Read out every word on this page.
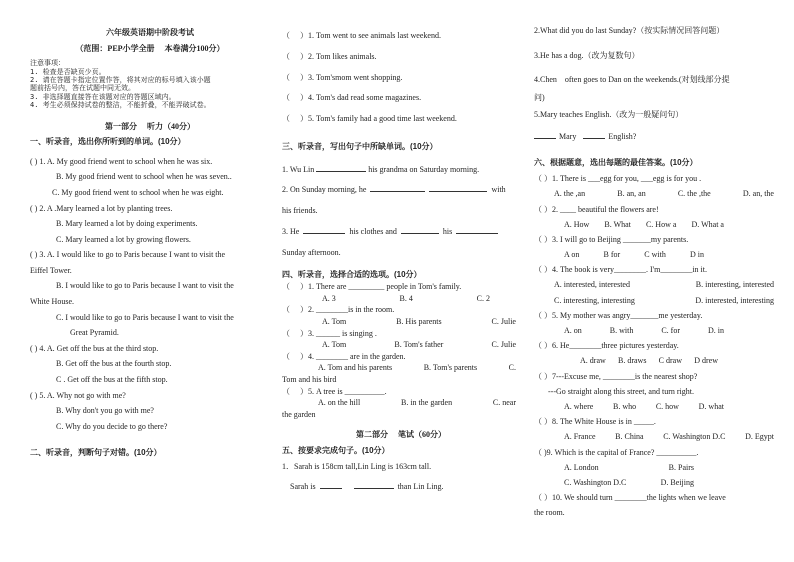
六年级英语期中阶段考试
（范围：PEP小学全册　 本卷满分100分）
注意事项：
1. 检查是否缺页少页。
2. 请在答题卡指定位置作答，将其对应的标号填入该小题
题前括号内，答在试题中同无效。
3. 非选择题直接答在该题对应的答题区域内。
4. 考生必须保持试卷的整洁，不能折叠，不能弄破试卷。
第一部分　 听力（40分）
一、听录音，选出你所听到的单词。(10分）
( ) 1. A. My good friend went to school when he was six.
B. My good friend went to school when he was seven..
C. My good friend went to school when he was eight.
( ) 2. A .Mary learned a lot by planting trees.
B. Mary learned a lot by doing experiments.
C. Mary learned a lot by growing flowers.
( ) 3. A. I would like to go to Paris because I want to visit the
Eiffel Tower.
B. I would like to go to Paris because I want to visit the
White House.
C. I would like to go to Paris because I want to visit the
Great Pyramid.
( ) 4. A. Get off the bus at the third stop.
B. Get off the bus at the fourth stop.
C . Get off the bus at the fifth stop.
( ) 5. A. Why not go with me?
B. Why don't you go with me?
C. Why do you decide to go there?
二、听录音，判断句子对错。(10分）
（　 ）1. Tom went to see animals last weekend.
（　 ）2. Tom likes animals.
（　 ）3. Tom'smom went shopping.
（　 ）4. Tom's dad read some magazines.
（　 ）5. Tom's family had a good time last weekend.
三、听录音，写出句子中所缺单词。(10分）
1. Wu Lin	his grandma on Saturday morning.
2. On Sunday morning, he	with
his friends.
3. He	his clothes and	his
Sunday afternoon.
四、听录音，选择合适的选项。(10分）
（　 ）1. There are _________ people in Tom's family.
A. 3	B. 4	C. 2
（　 ）2. ________is in the room.
A. Tom	B. His parents	C. Julie
（　 ）3. ______ is singing .
A. Tom	B. Tom's father	C. Julie
（　 ）4. ________ are in the garden.
A. Tom and his parents	B. Tom's parents	C.
Tom and his bird
（　 ）5. A tree is __________.
A. on the hill	B. in the garden	C. near
the garden
第二部分　 笔试（60分）
五、按要求完成句子。(10分）
1．Sarah is 158cm tall,Lin Ling is 163cm tall.
Sarah is	than Lin Ling.
2.What did you do last Sunday?（按实际情况回答问题）
3.He has a dog.（改为复数句）
4.Chen　often goes to Dan on the weekends.(对划线部分提
问)
5.Mary teaches English.（改为一般疑问句）
Mary	English?
六、根据题意，选出每题的最佳答案。(10分）
（ ）1. There is ___egg for you, ___egg is for you .
A. the ,an	B. an, an	C. the ,the	D. an, the
（ ）2. ____ beautiful the flowers are!
A. How B. What C. How a D. What a
（ ）3. I will go to Beijing _______my parents.
A on	B for	C with	D in
（ ）4. The book is very________. I'm________in it.
A. interested, interested	B. interesting, interested
C. interesting, interesting	D. interested, interesting
（ ）5. My mother was angry_______me yesterday.
A. on	B. with	C. for	D. in
（ ）6. He________three pictures yesterday.
A. draw B. draws C draw D drew
（ ）7---Excuse me, ________is the nearest shop?
---Go straight along this street, and turn right.
A. where B. who C. how D. what
（ ）8. The White House is in _____.
A. France B. China C. Washington D.C D. Egypt
（ )9. Which is the capital of France? __________.
A. London	B. Pairs
C. Washington D.C	D. Beijing
（ ）10. We should turn ________the lights when we leave
the room.
